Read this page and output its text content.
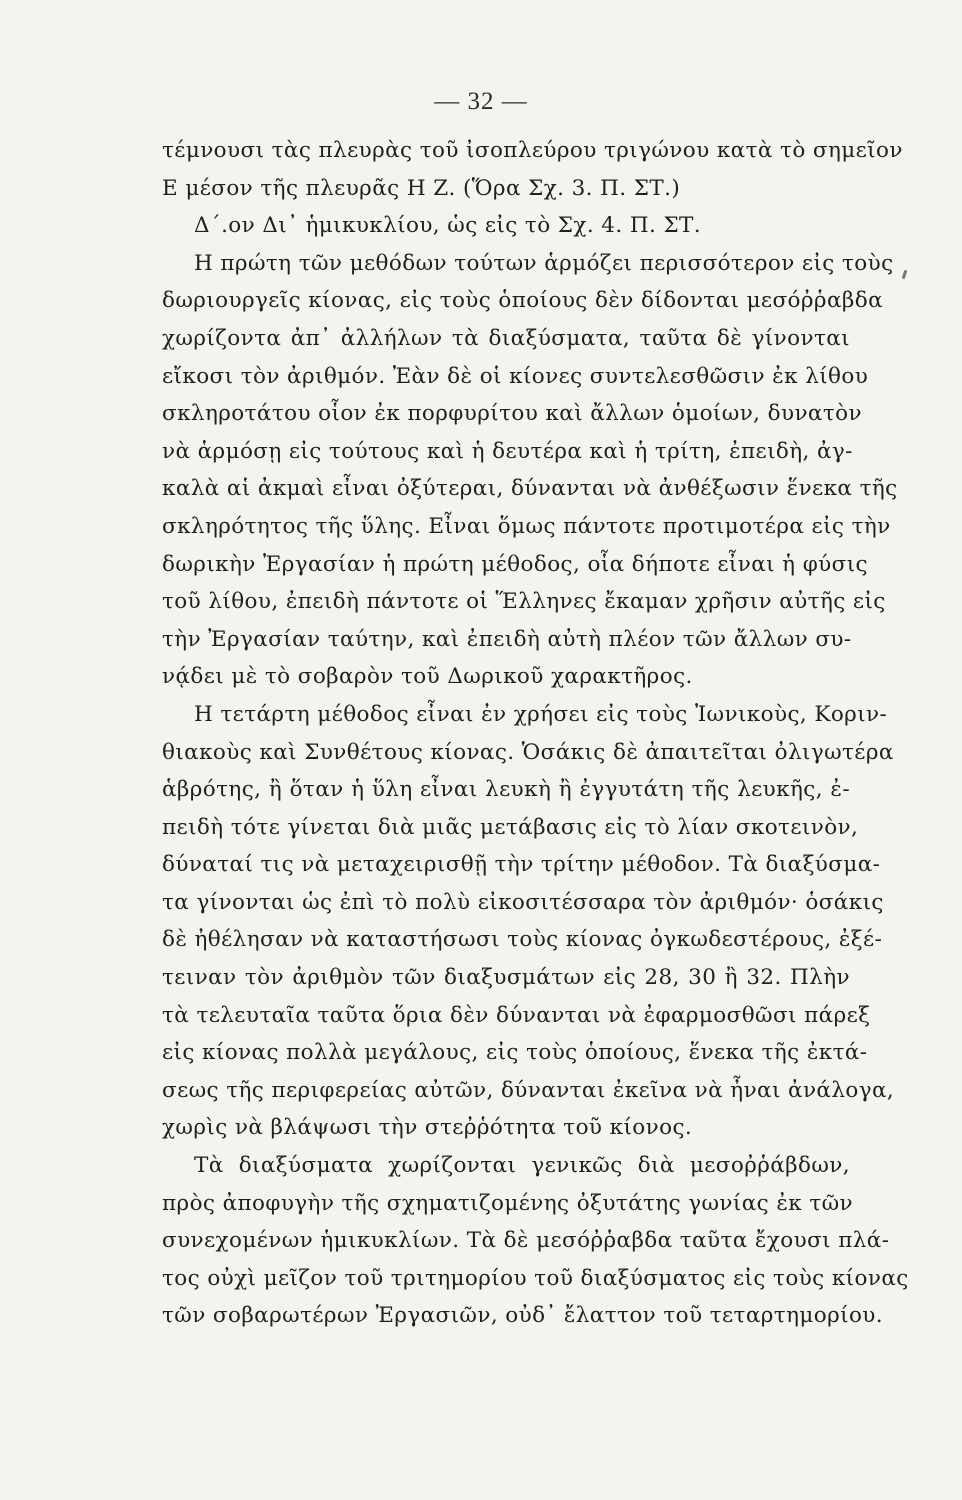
— 32 —
τέμνουσι τὰς πλευρὰς τοῦ ἰσοπλεύρου τριγώνου κατὰ τὸ σημεῖον
Ε μέσον τῆς πλευρᾶς Η Ζ. (Ὅρα Σχ. 3. Π. ΣΤ.)
Δ΄.ον Δι᾽ ἡμικυκλίου, ὡς εἰς τὸ Σχ. 4. Π. ΣΤ.
Η πρώτη τῶν μεθόδων τούτων ἁρμόζει περισσότερον εἰς τοὺς
δωριουργεῖς κίονας, εἰς τοὺς ὁποίους δὲν δίδονται μεσόῤῥαβδα
χωρίζοντα ἀπ᾽ ἀλλήλων τὰ διαξύσματα, ταῦτα δὲ γίνονται
εἴκοσι τὸν ἀριθμόν. Ἐὰν δὲ οἱ κίονες συντελεσθῶσιν ἐκ λίθου
σκληροτάτου οἷον ἐκ πορφυρίτου καὶ ἄλλων ὁμοίων, δυνατὸν
νὰ ἁρμόσῃ εἰς τούτους καὶ ἡ δευτέρα καὶ ἡ τρίτη, ἐπειδὴ, ἀγ-
καλὰ αἱ ἀκμαὶ εἶναι ὀξύτεραι, δύνανται νὰ ἀνθέξωσιν ἕνεκα τῆς
σκληρότητος τῆς ὕλης. Εἶναι ὅμως πάντοτε προτιμοτέρα εἰς τὴν
δωρικὴν Ἐργασίαν ἡ πρώτη μέθοδος, οἷα δήποτε εἶναι ἡ φύσις
τοῦ λίθου, ἐπειδὴ πάντοτε οἱ Ἕλληνες ἔκαμαν χρῆσιν αὐτῆς εἰς
τὴν Ἐργασίαν ταύτην, καὶ ἐπειδὴ αὐτὴ πλέον τῶν ἄλλων συ-
νᾴδει μὲ τὸ σοβαρὸν τοῦ Δωρικοῦ χαρακτῆρος.
Η τετάρτη μέθοδος εἶναι ἐν χρήσει εἰς τοὺς Ἰωνικοὺς, Κοριν-
θιακοὺς καὶ Συνθέτους κίονας. Ὁσάκις δὲ ἀπαιτεῖται ὀλιγωτέρα
ἁβρότης, ἢ ὅταν ἡ ὕλη εἶναι λευκὴ ἢ ἐγγυτάτη τῆς λευκῆς, ἐ-
πειδὴ τότε γίνεται διὰ μιᾶς μετάβασις εἰς τὸ λίαν σκοτεινὸν,
δύναταί τις νὰ μεταχειρισθῇ τὴν τρίτην μέθοδον. Τὰ διαξύσμα-
τα γίνονται ὡς ἐπὶ τὸ πολὺ εἰκοσιτέσσαρα τὸν ἀριθμόν· ὁσάκις
δὲ ἠθέλησαν νὰ καταστήσωσι τοὺς κίονας ὀγκωδεστέρους, ἐξέ-
τειναν τὸν ἀριθμὸν τῶν διαξυσμάτων εἰς 28, 30 ἢ 32. Πλὴν
τὰ τελευταῖα ταῦτα ὅρια δὲν δύνανται νὰ ἐφαρμοσθῶσι πάρεξ
εἰς κίονας πολλὰ μεγάλους, εἰς τοὺς ὁποίους, ἕνεκα τῆς ἐκτά-
σεως τῆς περιφερείας αὐτῶν, δύνανται ἐκεῖνα νὰ ἦναι ἀνάλογα,
χωρὶς νὰ βλάψωσι τὴν στεῤῥότητα τοῦ κίονος.
Τὰ διαξύσματα χωρίζονται γενικῶς διὰ μεσοῤῥάβδων,
πρὸς ἀποφυγὴν τῆς σχηματιζομένης ὀξυτάτης γωνίας ἐκ τῶν
συνεχομένων ἡμικυκλίων. Τὰ δὲ μεσόῤῥαβδα ταῦτα ἔχουσι πλά-
τος οὐχὶ μεῖζον τοῦ τριτημορίου τοῦ διαξύσματος εἰς τοὺς κίονας
τῶν σοβαρωτέρων Ἐργασιῶν, οὐδ᾽ ἔλαττον τοῦ τεταρτημορίου.
